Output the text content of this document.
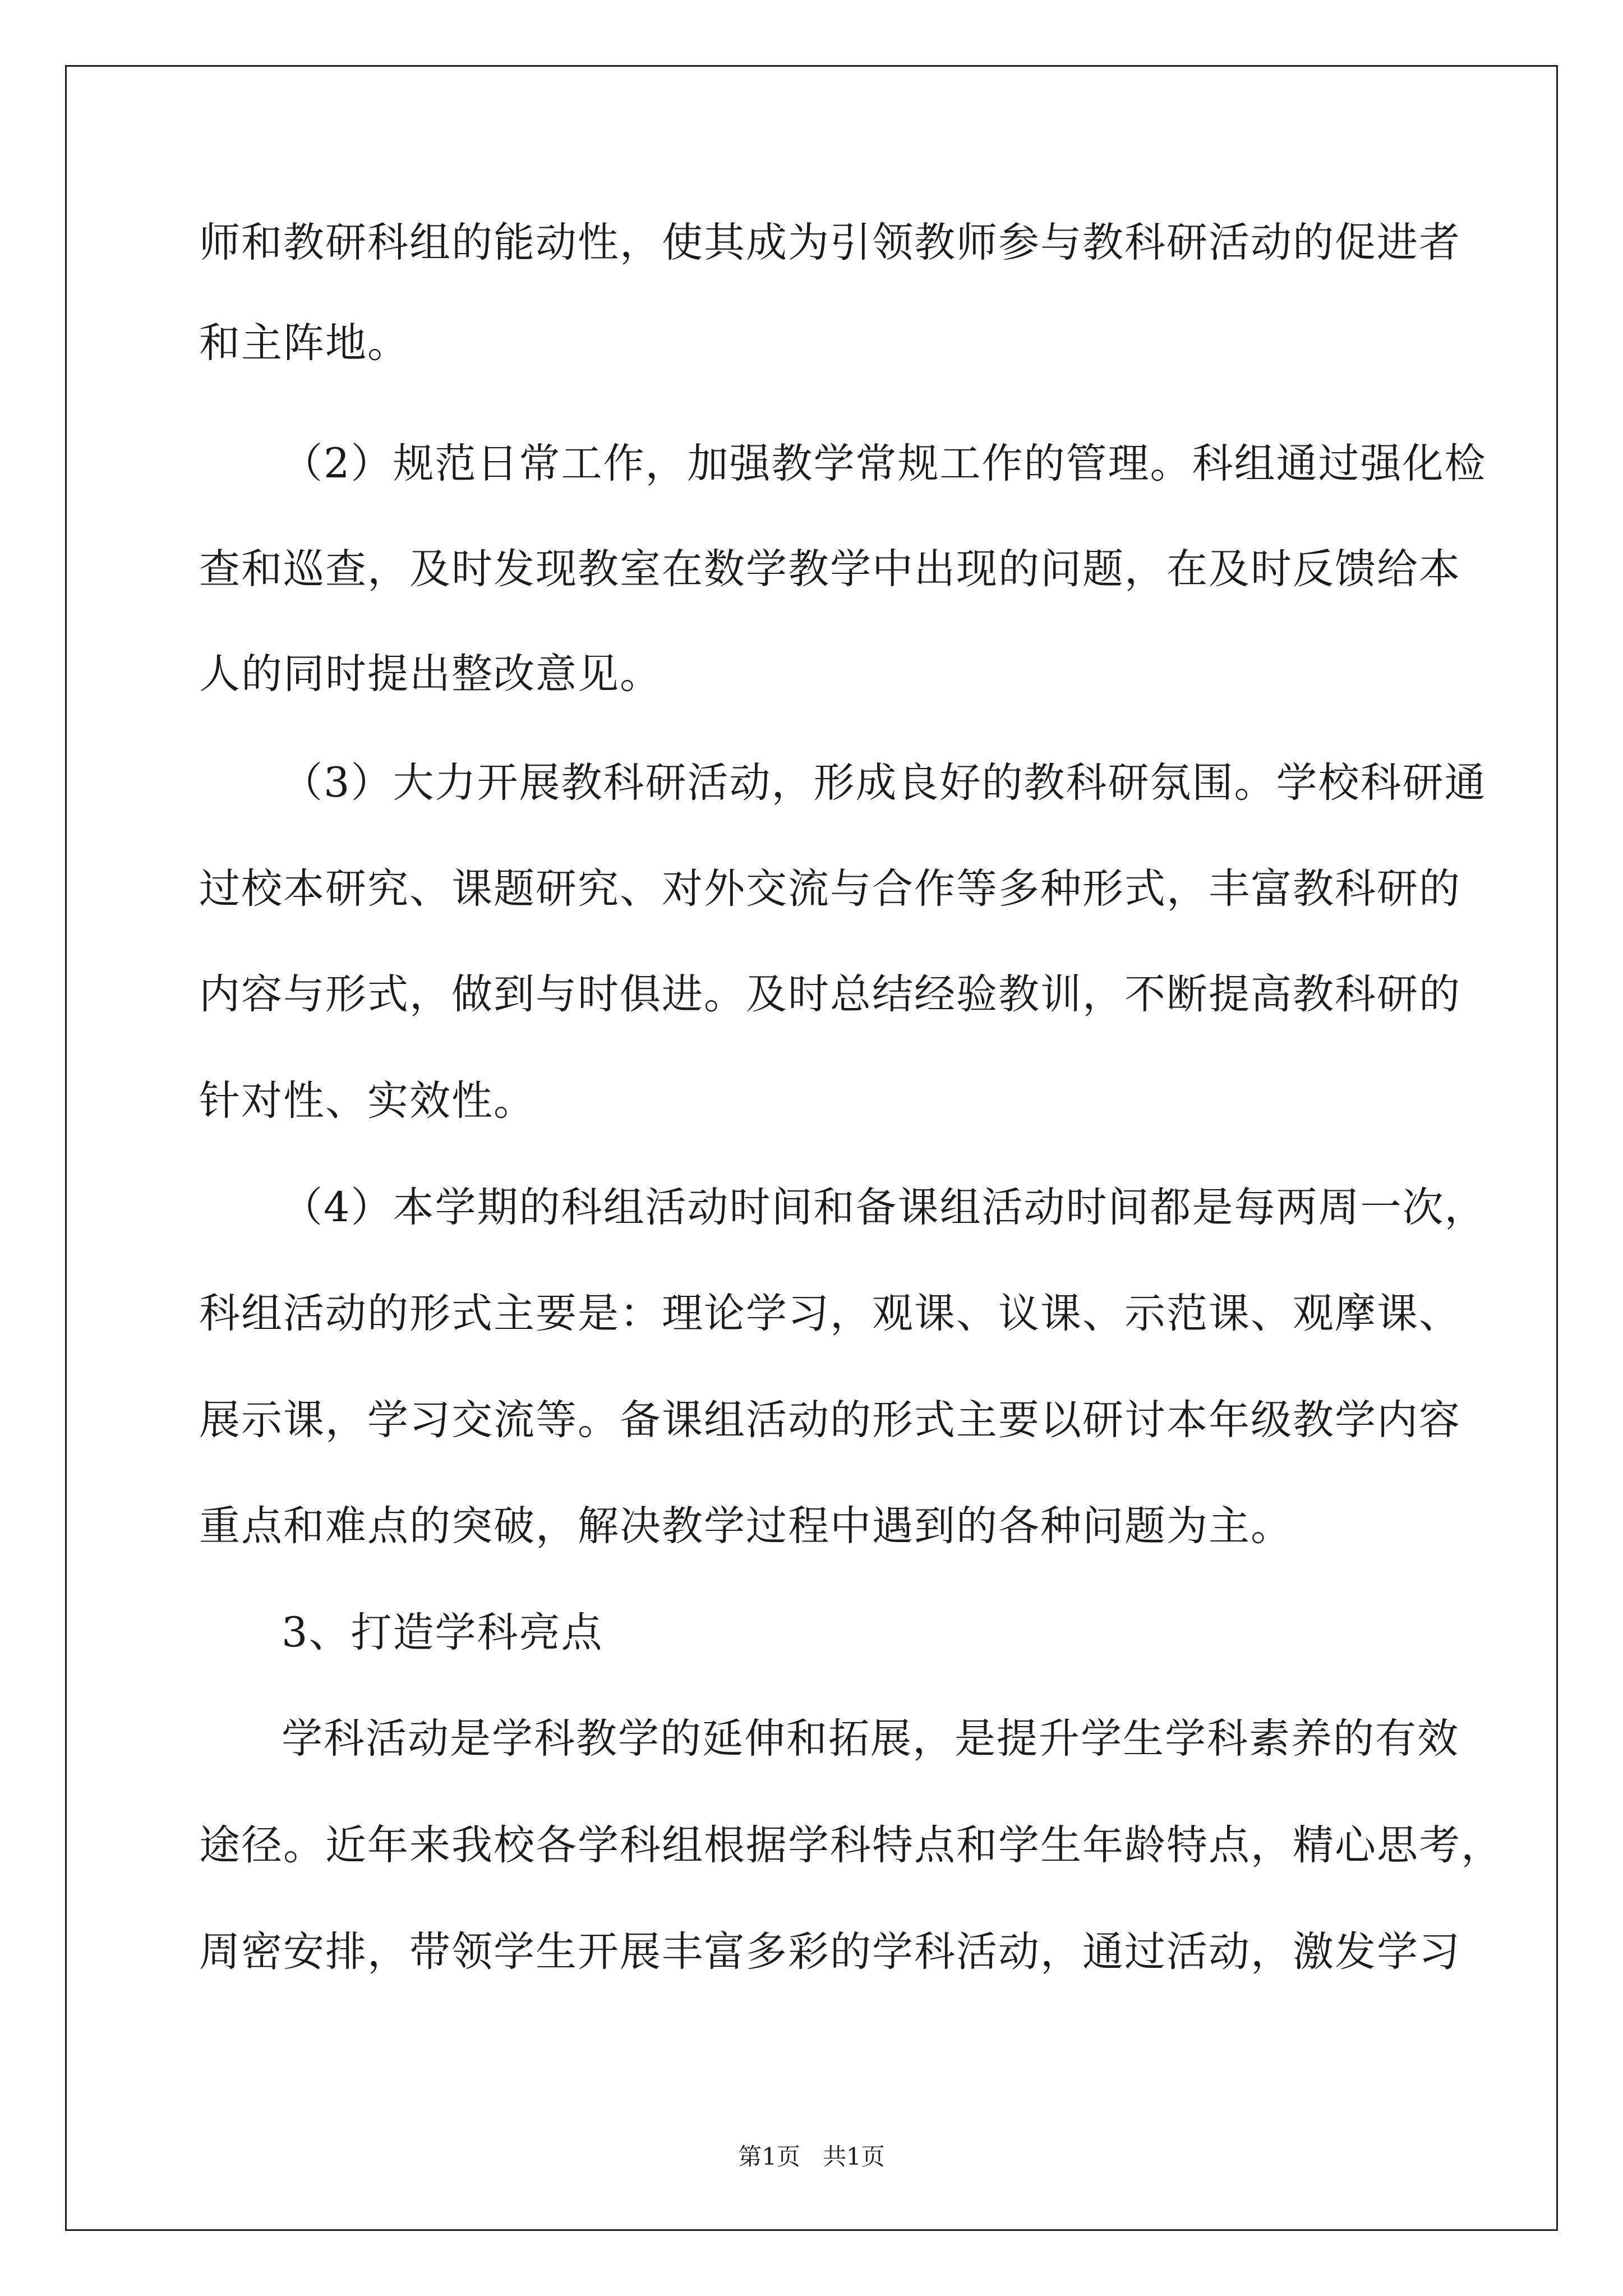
师和教研科组的能动性，使其成为引领教师参与教科研活动的促进者
和主阵地。
（2）规范日常工作，加强教学常规工作的管理。科组通过强化检
查和巡查，及时发现教室在数学教学中出现的问题，在及时反馈给本
人的同时提出整改意见。
（3）大力开展教科研活动，形成良好的教科研氛围。学校科研通
过校本研究、课题研究、对外交流与合作等多种形式，丰富教科研的
内容与形式，做到与时俱进。及时总结经验教训，不断提高教科研的
针对性、实效性。
（4）本学期的科组活动时间和备课组活动时间都是每两周一次，
科组活动的形式主要是：理论学习，观课、议课、示范课、观摩课、
展示课，学习交流等。备课组活动的形式主要以研讨本年级教学内容
重点和难点的突破，解决教学过程中遇到的各种问题为主。
3、打造学科亮点
学科活动是学科教学的延伸和拓展，是提升学生学科素养的有效
途径。近年来我校各学科组根据学科特点和学生年龄特点，精心思考，
周密安排，带领学生开展丰富多彩的学科活动，通过活动，激发学习
第1页 共1页
